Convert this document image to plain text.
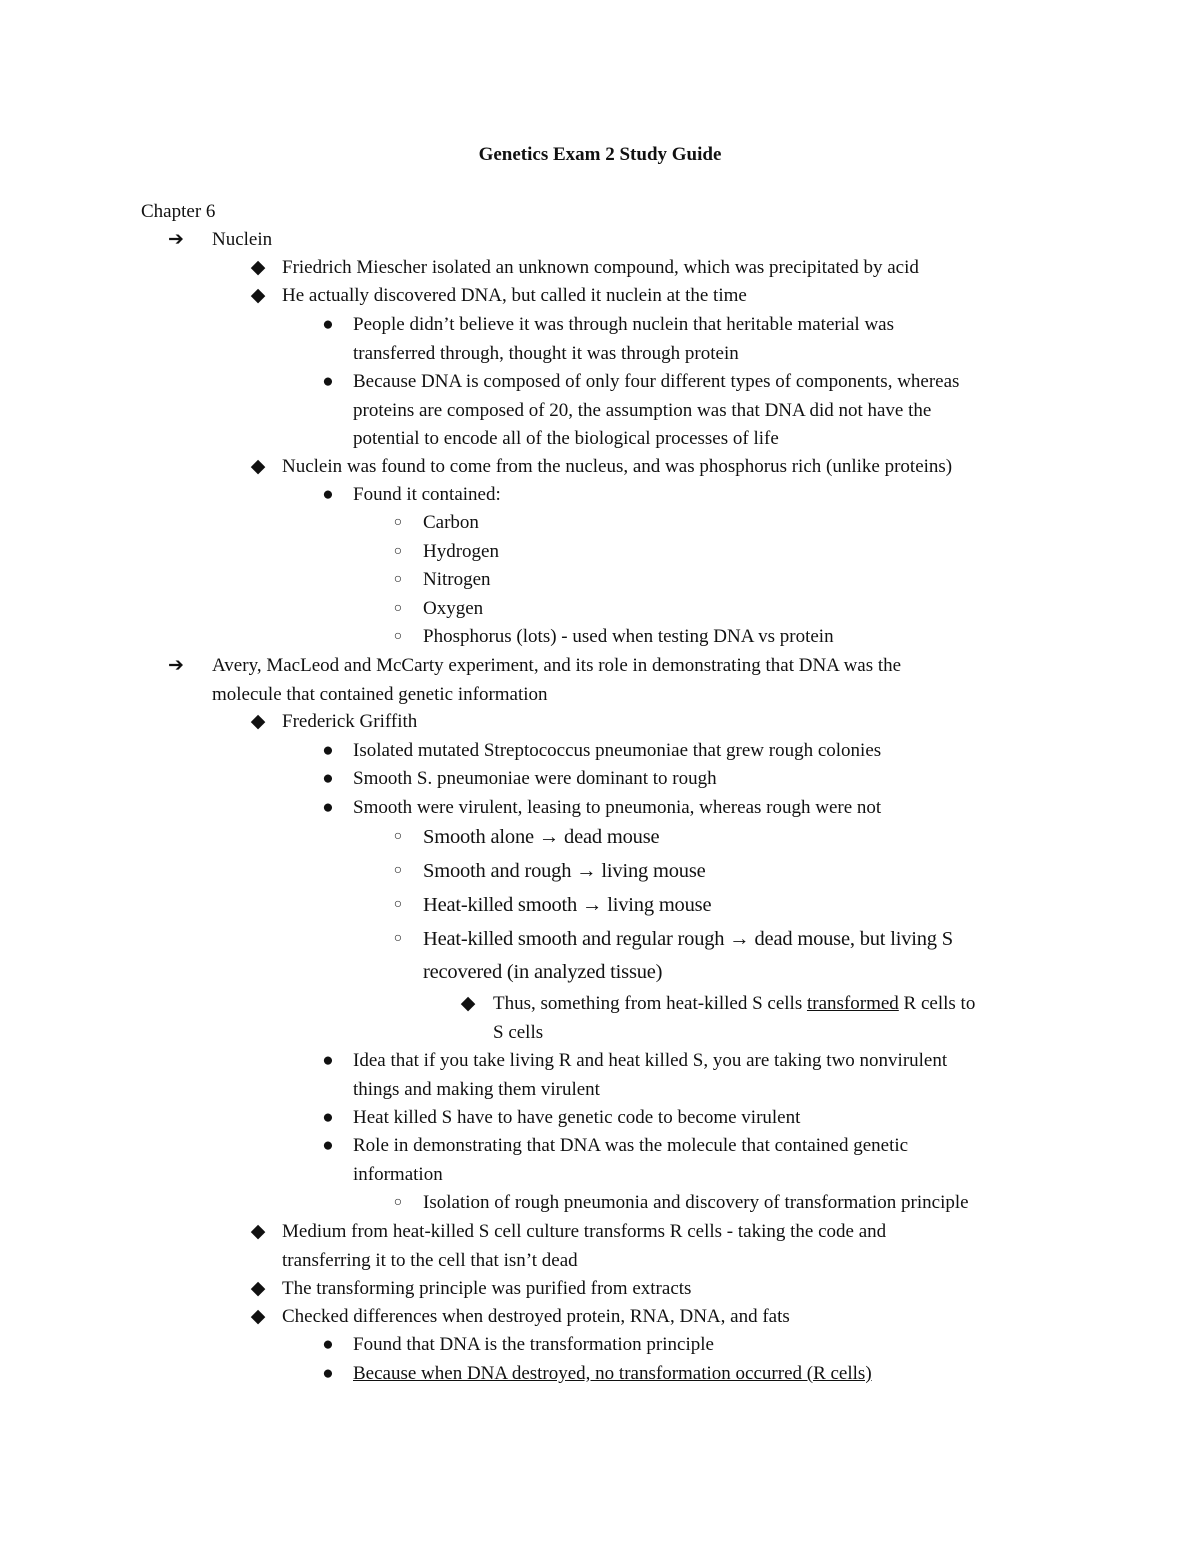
Genetics Exam 2 Study Guide
Chapter 6
➔ Nuclein
◆ Friedrich Miescher isolated an unknown compound, which was precipitated by acid
◆ He actually discovered DNA, but called it nuclein at the time
●	People didn’t believe it was through nuclein that heritable material was
transferred through, thought it was through protein
●	Because DNA is composed of only four different types of components, whereas
proteins are composed of 20, the assumption was that DNA did not have the
potential to encode all of the biological processes of life
◆ Nuclein was found to come from the nucleus, and was phosphorus rich (unlike proteins)
●	Found it contained:
○	Carbon
○	Hydrogen
○	Nitrogen
○	Oxygen
○	Phosphorus (lots) - used when testing DNA vs protein
➔ Avery, MacLeod and McCarty experiment, and its role in demonstrating that DNA was the
molecule that contained genetic information
◆ Frederick Griffith
●	Isolated mutated Streptococcus pneumoniae that grew rough colonies
●	Smooth S. pneumoniae were dominant to rough
●	Smooth were virulent, leasing to pneumonia, whereas rough were not
○	Smooth alone → dead mouse
○	Smooth and rough → living mouse
○	Heat-killed smooth → living mouse
○	Heat-killed smooth and regular rough → dead mouse, but living S
recovered (in analyzed tissue)
◆ Thus, something from heat-killed S cells transformed R cells to
S cells
●	Idea that if you take living R and heat killed S, you are taking two nonvirulent
things and making them virulent
●	Heat killed S have to have genetic code to become virulent
●	Role in demonstrating that DNA was the molecule that contained genetic
information
○	Isolation of rough pneumonia and discovery of transformation principle
◆ Medium from heat-killed S cell culture transforms R cells - taking the code and
transferring it to the cell that isn’t dead
◆ The transforming principle was purified from extracts
◆ Checked differences when destroyed protein, RNA, DNA, and fats
●	Found that DNA is the transformation principle
●	Because when DNA destroyed, no transformation occurred (R cells)
